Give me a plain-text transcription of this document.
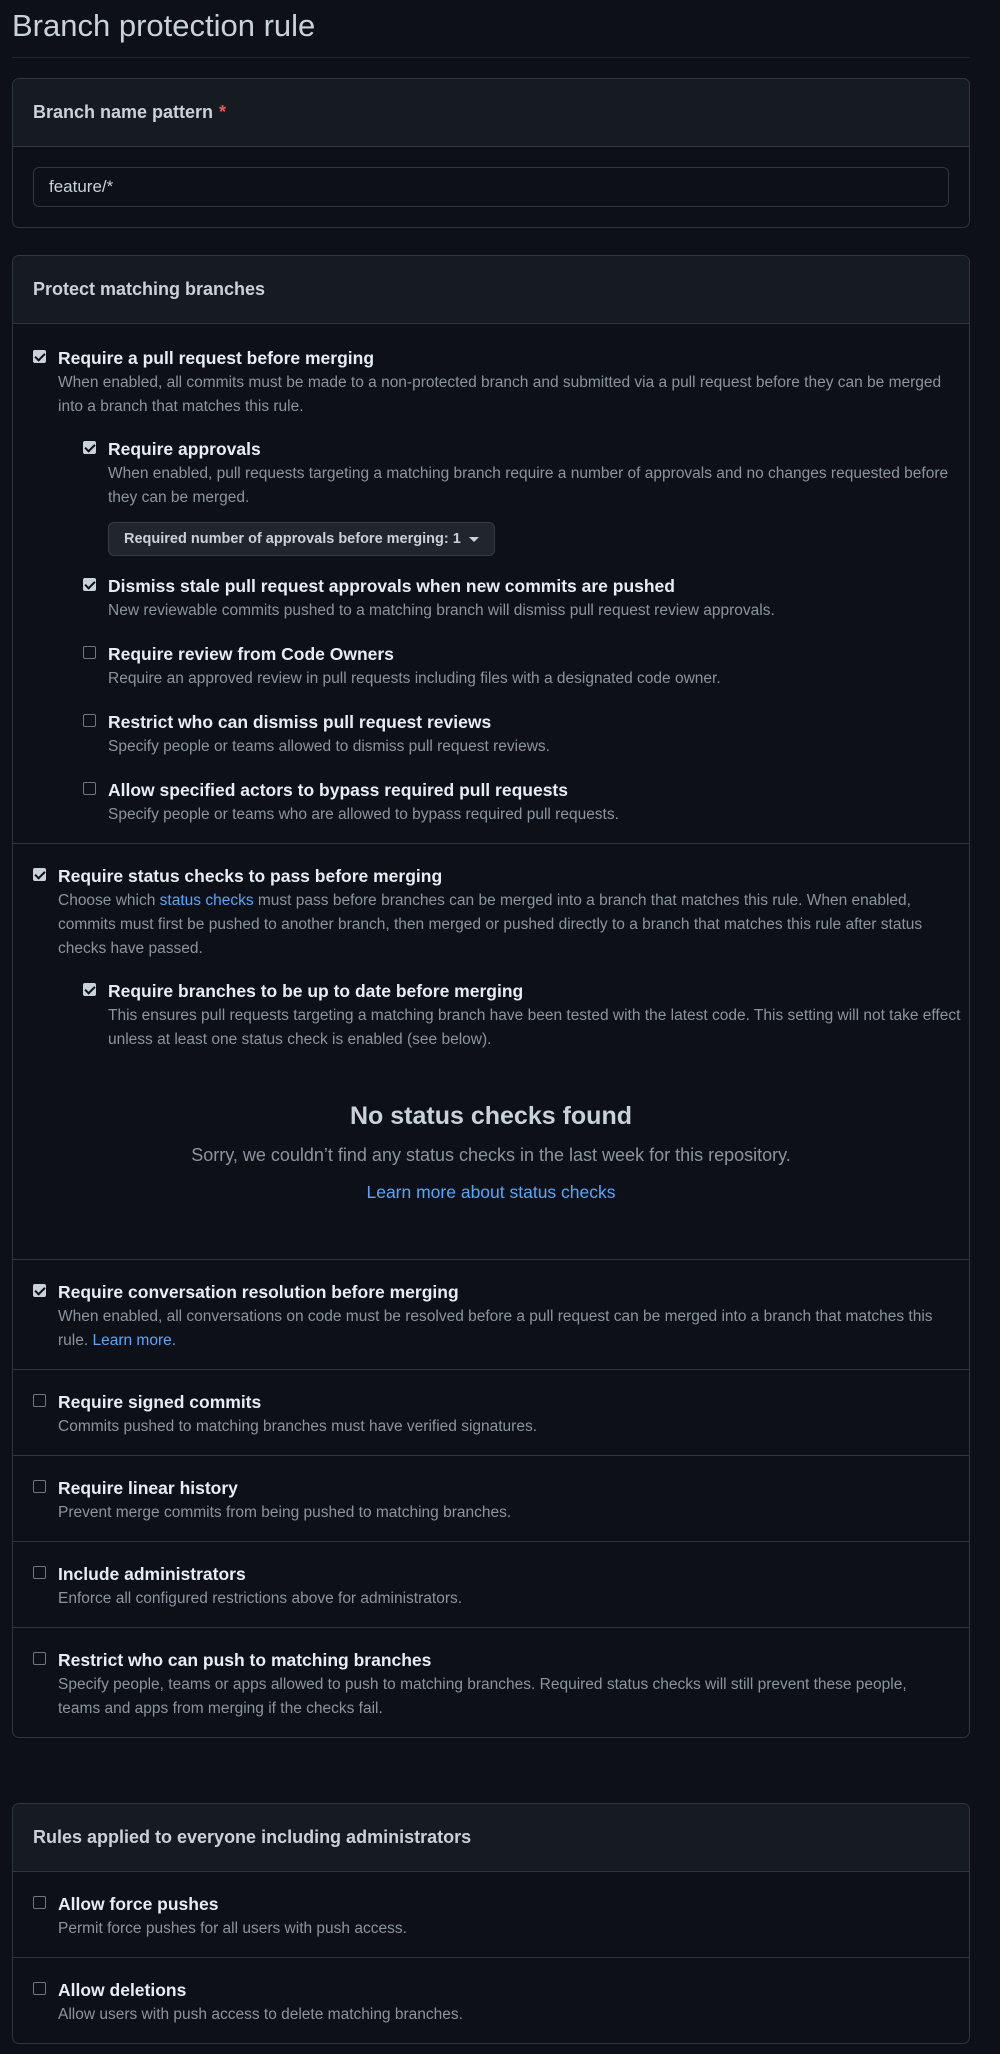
Branch protection rule
Branch name pattern *
feature/*
Protect matching branches
Require a pull request before merging
When enabled, all commits must be made to a non-protected branch and submitted via a pull request before they can be merged into a branch that matches this rule.
Require approvals
When enabled, pull requests targeting a matching branch require a number of approvals and no changes requested before they can be merged.
Required number of approvals before merging: 1
Dismiss stale pull request approvals when new commits are pushed
New reviewable commits pushed to a matching branch will dismiss pull request review approvals.
Require review from Code Owners
Require an approved review in pull requests including files with a designated code owner.
Restrict who can dismiss pull request reviews
Specify people or teams allowed to dismiss pull request reviews.
Allow specified actors to bypass required pull requests
Specify people or teams who are allowed to bypass required pull requests.
Require status checks to pass before merging
Choose which status checks must pass before branches can be merged into a branch that matches this rule. When enabled, commits must first be pushed to another branch, then merged or pushed directly to a branch that matches this rule after status checks have passed.
Require branches to be up to date before merging
This ensures pull requests targeting a matching branch have been tested with the latest code. This setting will not take effect unless at least one status check is enabled (see below).
No status checks found
Sorry, we couldn’t find any status checks in the last week for this repository.
Learn more about status checks
Require conversation resolution before merging
When enabled, all conversations on code must be resolved before a pull request can be merged into a branch that matches this rule. Learn more.
Require signed commits
Commits pushed to matching branches must have verified signatures.
Require linear history
Prevent merge commits from being pushed to matching branches.
Include administrators
Enforce all configured restrictions above for administrators.
Restrict who can push to matching branches
Specify people, teams or apps allowed to push to matching branches. Required status checks will still prevent these people, teams and apps from merging if the checks fail.
Rules applied to everyone including administrators
Allow force pushes
Permit force pushes for all users with push access.
Allow deletions
Allow users with push access to delete matching branches.
